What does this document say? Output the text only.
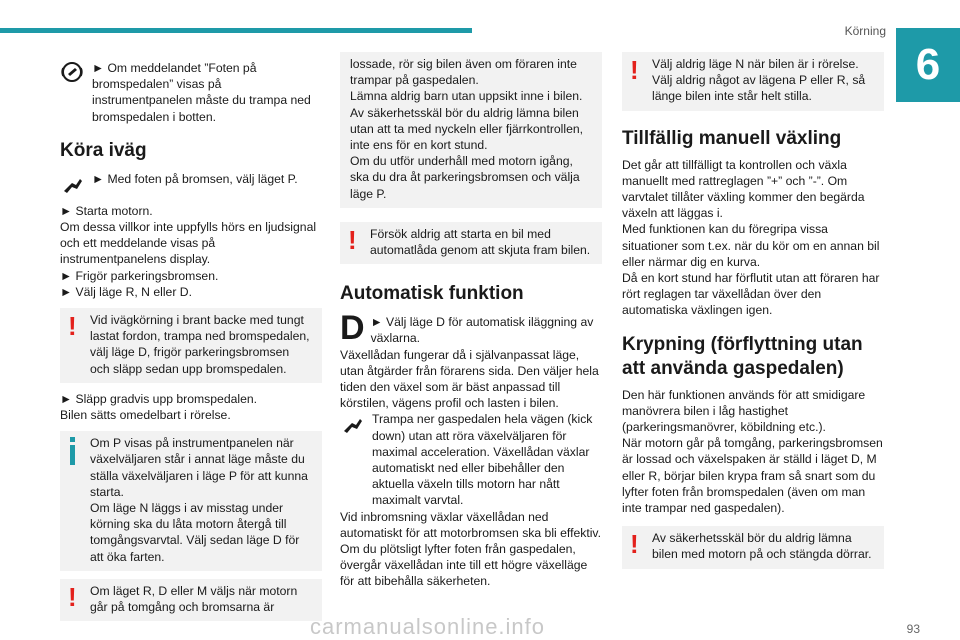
Körning
6

► Om meddelandet ”Foten på bromspedalen” visas på instrumentpanelen måste du trampa ned bromspedalen i botten.

Köra iväg

► Med foten på bromsen, välj läget P.

► Starta motorn.

Om dessa villkor inte uppfylls hörs en ljudsignal och ett meddelande visas på instrumentpanelens display.

► Frigör parkeringsbromsen.

► Välj läge R, N eller D.

!
Vid ivägkörning i brant backe med tungt lastat fordon, trampa ned bromspedalen, välj läge D, frigör parkeringsbromsen och släpp sedan upp bromspedalen.

► Släpp gradvis upp bromspedalen.

Bilen sätts omedelbart i rörelse.

Om P visas på instrumentpanelen när växelväljaren står i annat läge måste du ställa växelväljaren i läge P för att kunna starta.
Om läge N läggs i av misstag under körning ska du låta motorn återgå till tomgångsvarvtal. Välj sedan läge D för att öka farten.
!
Om läget R, D eller M väljs när motorn går på tomgång och bromsarna är
lossade, rör sig bilen även om föraren inte trampar på gaspedalen.
Lämna aldrig barn utan uppsikt inne i bilen.
Av säkerhetsskäl bör du aldrig lämna bilen utan att ta med nyckeln eller fjärrkontrollen, inte ens för en kort stund.
Om du utför underhåll med motorn igång, ska du dra åt parkeringsbromsen och välja läge P.
!
Försök aldrig att starta en bil med automatlåda genom att skjuta fram bilen.
Automatisk funktion
D ► Välj läge D för automatisk iläggning av växlarna.

Växellådan fungerar då i självanpassat läge, utan åtgärder från förarens sida. Den väljer hela tiden den växel som är bäst anpassad till körstilen, vägens profil och lasten i bilen.

Trampa ner gaspedalen hela vägen (kick down) utan att röra växelväljaren för maximal acceleration. Växellådan växlar automatiskt ned eller bibehåller den aktuella växeln tills motorn har nått maximalt varvtal.

Vid inbromsning växlar växellådan ned automatiskt för att motorbromsen ska bli effektiv.

Om du plötsligt lyfter foten från gaspedalen, övergår växellådan inte till ett högre växelläge för att bibehålla säkerheten.

!
Välj aldrig läge N när bilen är i rörelse. Välj aldrig något av lägena P eller R, så länge bilen inte står helt stilla.
Tillfällig manuell växling

Det går att tillfälligt ta kontrollen och växla manuellt med rattreglagen ”+” och ”-”. Om varvtalet tillåter växling kommer den begärda växeln att läggas i.

Med funktionen kan du föregripa vissa situationer som t.ex. när du kör om en annan bil eller närmar dig en kurva.

Då en kort stund har förflutit utan att föraren har rört reglagen tar växellådan över den automatiska växlingen igen.

Krypning (förflyttning utan att använda gaspedalen)

Den här funktionen används för att smidigare manövrera bilen i låg hastighet (parkeringsmanövrer, köbildning etc.).

När motorn går på tomgång, parkeringsbromsen är lossad och växelspaken är ställd i läget D, M eller R, börjar bilen krypa fram så snart som du lyfter foten från bromspedalen (även om man inte trampar ned gaspedalen).

!
Av säkerhetsskäl bör du aldrig lämna bilen med motorn på och stängda dörrar.
carmanualsonline.info	93
